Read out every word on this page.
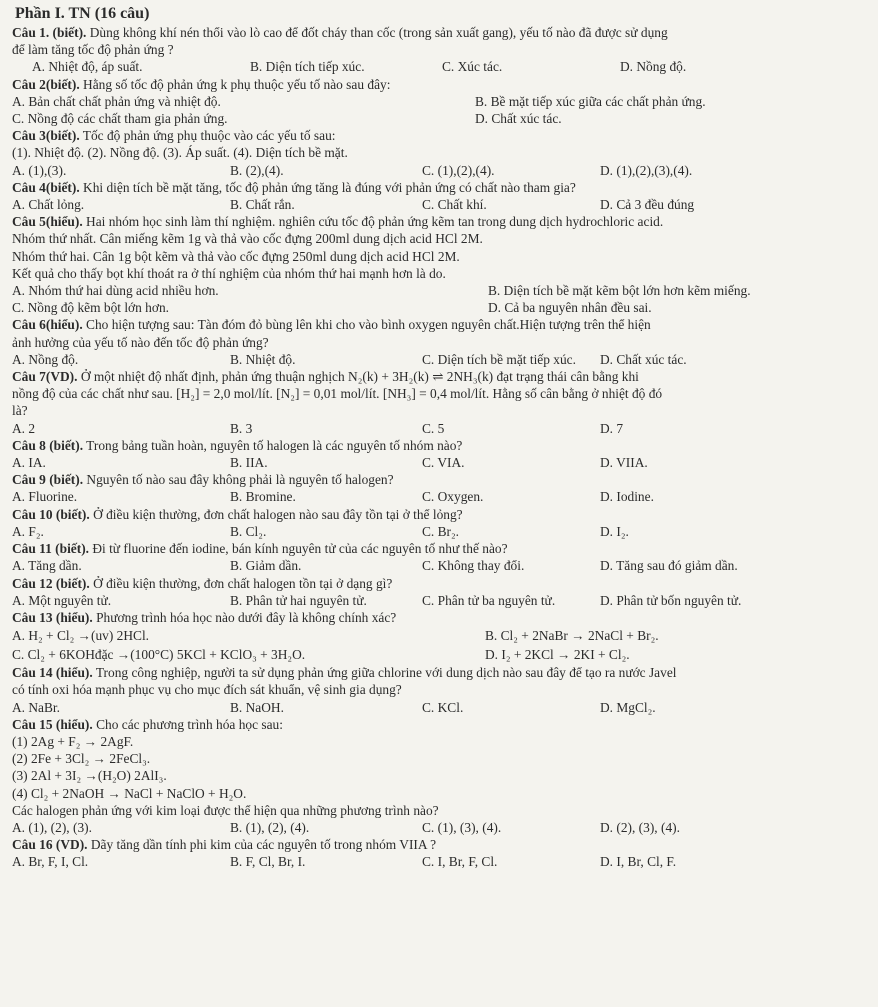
Phần I. TN (16 câu)
Câu 1. (biết). Dùng không khí nén thổi vào lò cao để đốt cháy than cốc (trong sản xuất gang), yếu tố nào đã được sử dụng
để làm tăng tốc độ phản ứng ?
A. Nhiệt độ, áp suất.	B. Diện tích tiếp xúc.	C. Xúc tác.	D. Nồng độ.
Câu 2(biết). Hằng số tốc độ phản ứng k phụ thuộc yếu tố nào sau đây:
A. Bản chất chất phản ứng và nhiệt độ.	B. Bề mặt tiếp xúc giữa các chất phản ứng.
C. Nồng độ các chất tham gia phản ứng.	D. Chất xúc tác.
Câu 3(biết). Tốc độ phản ứng phụ thuộc vào các yếu tố sau:
(1). Nhiệt độ. (2). Nồng độ. (3). Áp suất. (4). Diện tích bề mặt.
A. (1),(3).	B. (2),(4).	C. (1),(2),(4).	D. (1),(2),(3),(4).
Câu 4(biết). Khi diện tích bề mặt tăng, tốc độ phản ứng tăng là đúng với phản ứng có chất nào tham gia?
A. Chất lỏng.	B. Chất rắn.	C. Chất khí.	D. Cả 3 đều đúng
Câu 5(hiểu). Hai nhóm học sinh làm thí nghiệm. nghiên cứu tốc độ phản ứng kẽm tan trong dung dịch hydrochloric acid.
Nhóm thứ nhất. Cân miếng kẽm 1g và thả vào cốc đựng 200ml dung dịch acid HCl 2M.
Nhóm thứ hai. Cân 1g bột kẽm và thả vào cốc đựng 250ml dung dịch acid HCl 2M.
Kết quả cho thấy bọt khí thoát ra ở thí nghiệm của nhóm thứ hai mạnh hơn là do.
A. Nhóm thứ hai dùng acid nhiều hơn.	B. Diện tích bề mặt kẽm bột lớn hơn kẽm miếng.
C. Nồng độ kẽm bột lớn hơn.	D. Cả ba nguyên nhân đều sai.
Câu 6(hiểu). Cho hiện tượng sau: Tàn đóm đỏ bùng lên khi cho vào bình oxygen nguyên chất.Hiện tượng trên thể hiện
ảnh hưởng của yếu tố nào đến tốc độ phản ứng?
A. Nồng độ.	B. Nhiệt độ.	C. Diện tích bề mặt tiếp xúc.	D. Chất xúc tác.
Câu 7(VD). Ở một nhiệt độ nhất định, phản ứng thuận nghịch N₂(k) + 3H₂(k) ⇌ 2NH₃(k) đạt trạng thái cân bằng khi
nồng độ của các chất như sau. [H₂] = 2,0 mol/lít. [N₂] = 0,01 mol/lít. [NH₃] = 0,4 mol/lít. Hằng số cân bằng ở nhiệt độ đó
là?
A. 2	B. 3	C. 5	D. 7
Câu 8 (biết). Trong bảng tuần hoàn, nguyên tố halogen là các nguyên tố nhóm nào?
A. IA.	B. IIA.	C. VIA.	D. VIIA.
Câu 9 (biết). Nguyên tố nào sau đây không phải là nguyên tố halogen?
A. Fluorine.	B. Bromine.	C. Oxygen.	D. Iodine.
Câu 10 (biết). Ở điều kiện thường, đơn chất halogen nào sau đây tồn tại ở thể lỏng?
A. F₂.	B. Cl₂.	C. Br₂.	D. I₂.
Câu 11 (biết). Đi từ fluorine đến iodine, bán kính nguyên tử của các nguyên tố như thế nào?
A. Tăng dần.	B. Giảm dần.	C. Không thay đổi.	D. Tăng sau đó giảm dần.
Câu 12 (biết). Ở điều kiện thường, đơn chất halogen tồn tại ở dạng gì?
A. Một nguyên tử.	B. Phân tử hai nguyên tử.	C. Phân tử ba nguyên tử.	D. Phân tử bốn nguyên tử.
Câu 13 (hiểu). Phương trình hóa học nào dưới đây là không chính xác?
A. H₂ + Cl₂ →(uv) 2HCl.	B. Cl₂ + 2NaBr → 2NaCl + Br₂.
C. Cl₂ + 6KOHđặc →(100°C) 5KCl + KClO₃ + 3H₂O.	D. I₂ + 2KCl → 2KI + Cl₂.
Câu 14 (hiểu). Trong công nghiệp, người ta sử dụng phản ứng giữa chlorine với dung dịch nào sau đây để tạo ra nước Javel
có tính oxi hóa mạnh phục vụ cho mục đích sát khuẩn, vệ sinh gia dụng?
A. NaBr.	B. NaOH.	C. KCl.	D. MgCl₂.
Câu 15 (hiểu). Cho các phương trình hóa học sau:
(1) 2Ag + F₂ → 2AgF.
(2) 2Fe + 3Cl₂ → 2FeCl₃.
(3) 2Al + 3I₂ →(H₂O) 2AlI₃.
(4) Cl₂ + 2NaOH → NaCl + NaClO + H₂O.
Các halogen phản ứng với kim loại được thể hiện qua những phương trình nào?
A. (1), (2), (3).	B. (1), (2), (4).	C. (1), (3), (4).	D. (2), (3), (4).
Câu 16 (VD). Dãy tăng dần tính phi kim của các nguyên tố trong nhóm VIIA ?
A. Br, F, I, Cl.	B. F, Cl, Br, I.	C. I, Br, F, Cl.	D. I, Br, Cl, F.
